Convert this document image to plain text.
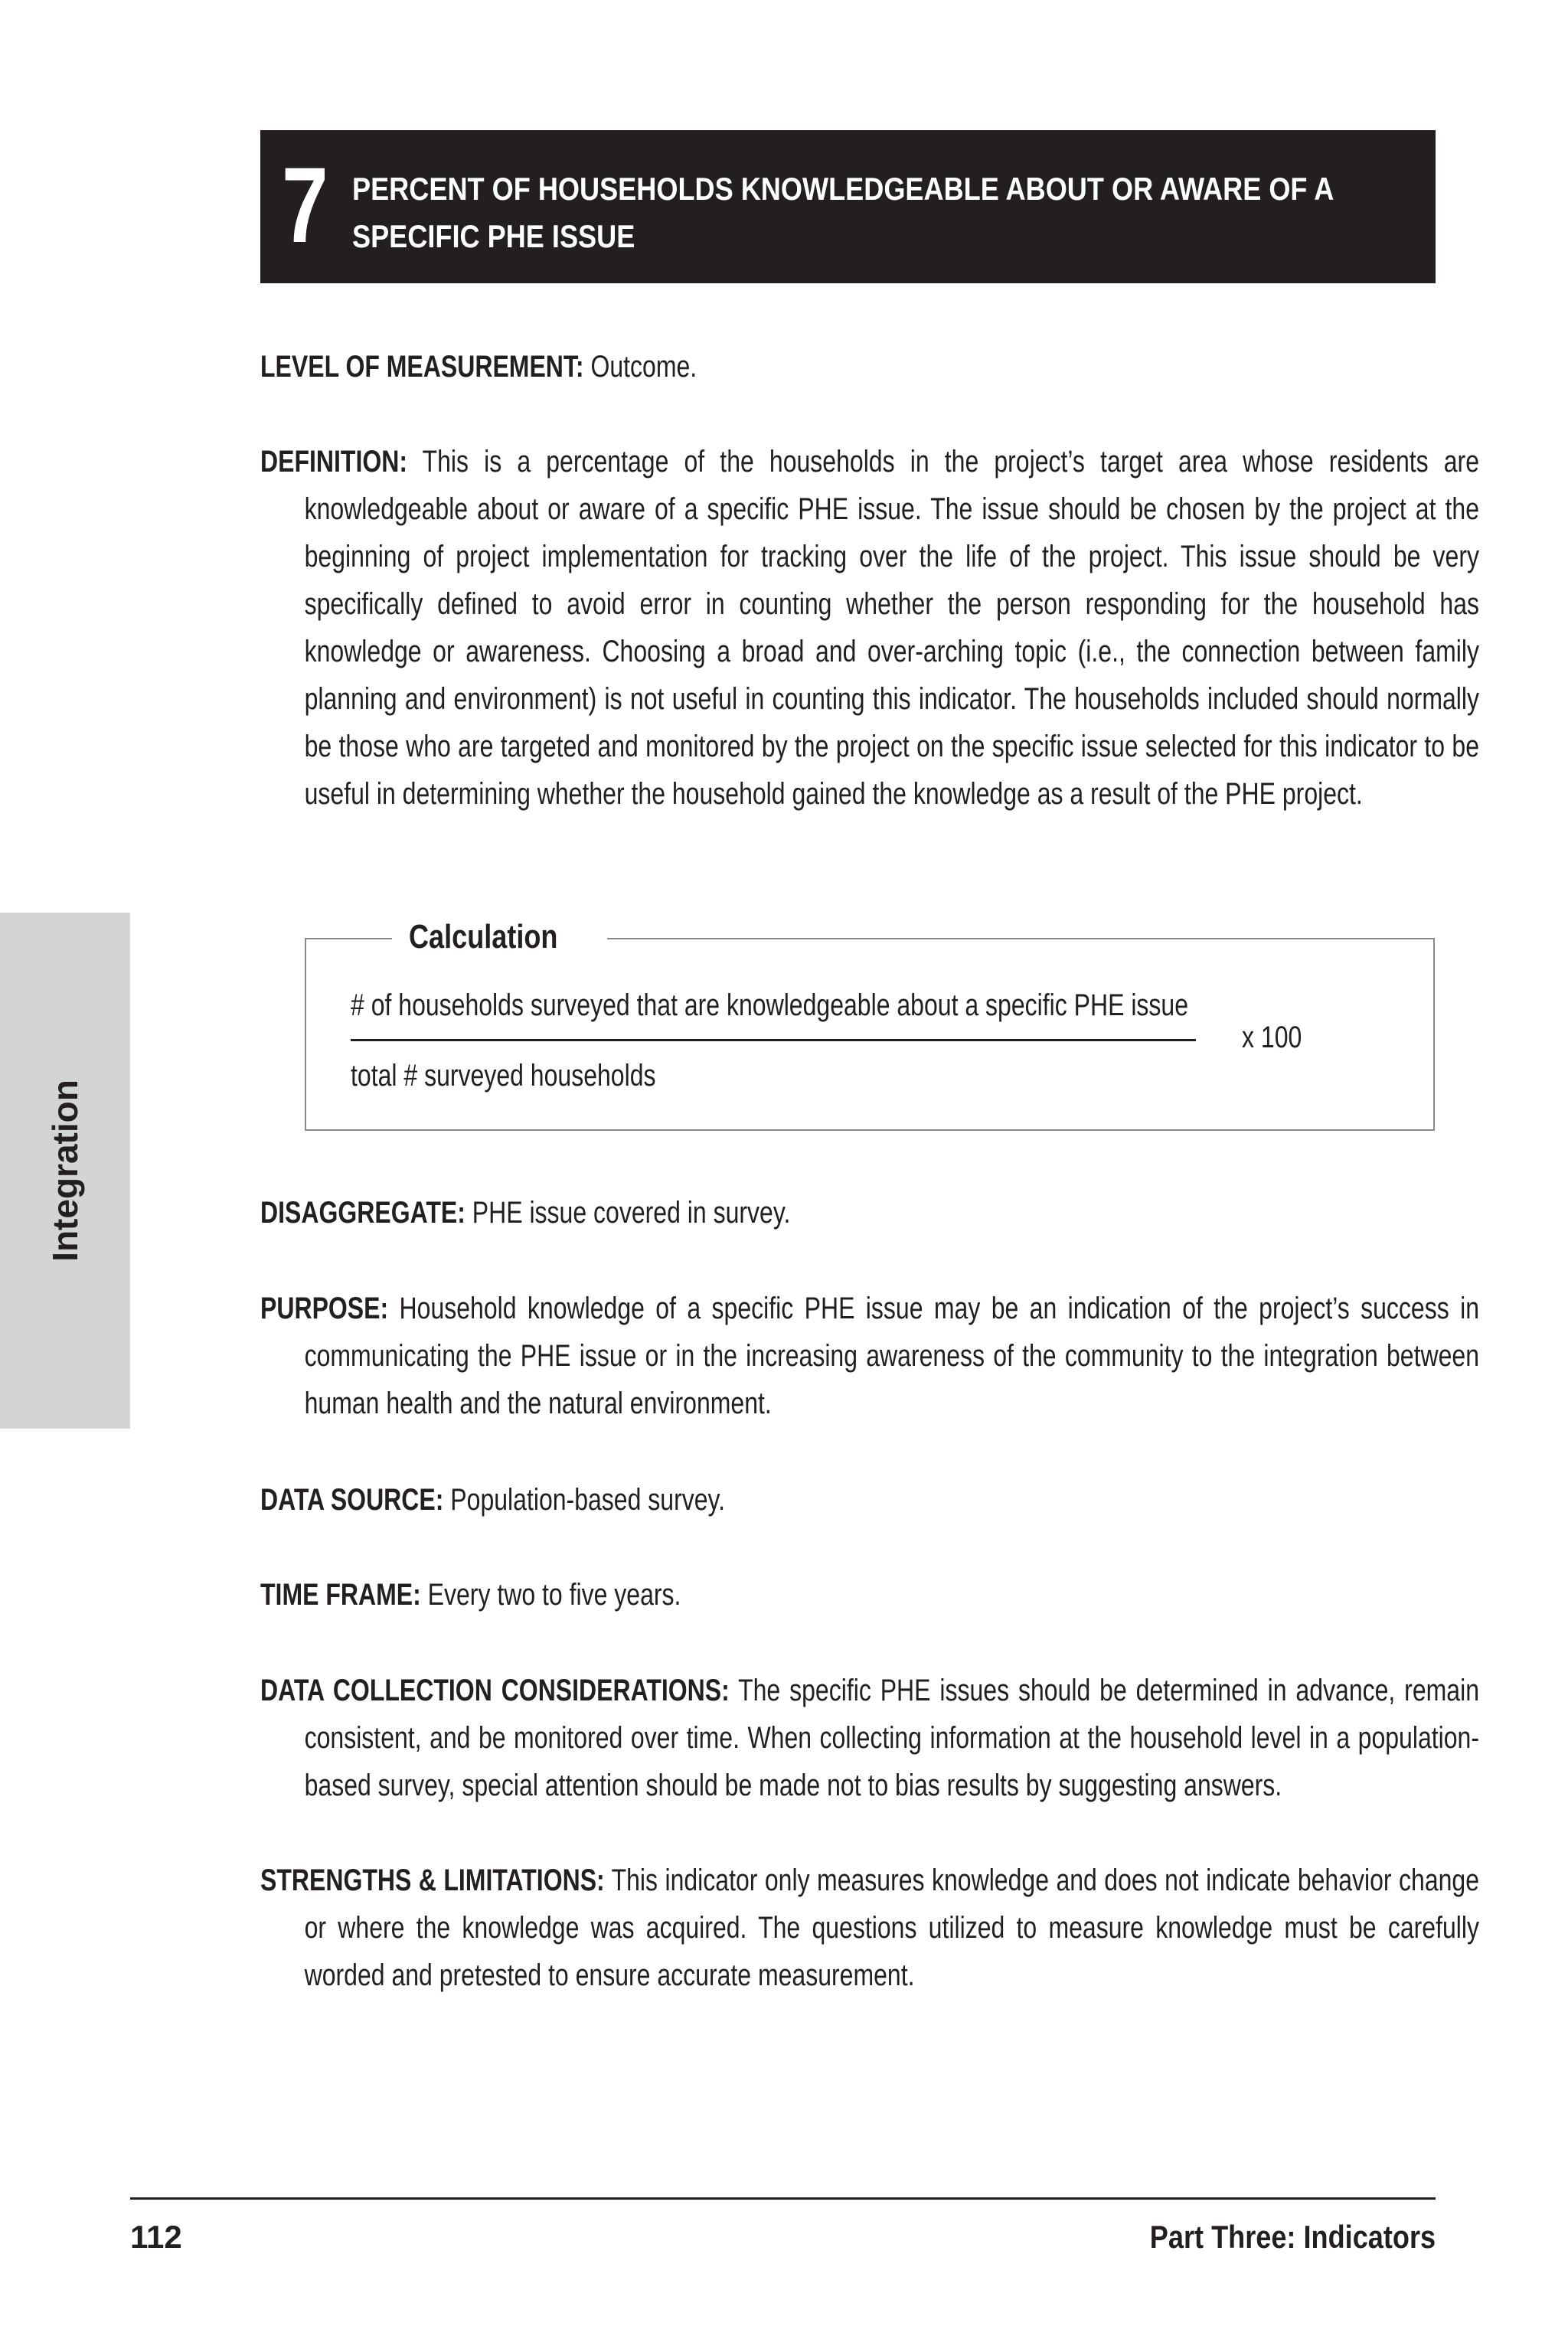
7 PERCENT OF HOUSEHOLDS KNOWLEDGEABLE ABOUT OR AWARE OF A
SPECIFIC PHE ISSUE
LEVEL OF MEASUREMENT: Outcome.
DEFINITION: This is a percentage of the households in the project’s target area whose residents are knowledgeable about or aware of a specific PHE issue. The issue should be chosen by the project at the beginning of project implementation for tracking over the life of the project. This issue should be very specifically defined to avoid error in counting whether the person responding for the household has knowledge or awareness. Choosing a broad and over-arching topic (i.e., the connection between family planning and environment) is not useful in counting this indicator. The households included should normally be those who are targeted and monitored by the project on the specific issue selected for this indicator to be useful in determining whether the household gained the knowledge as a result of the PHE project.
Calculation
# of households surveyed that are knowledgeable about a specific PHE issue
total # surveyed households
x 100
DISAGGREGATE: PHE issue covered in survey.
PURPOSE: Household knowledge of a specific PHE issue may be an indication of the project’s success in communicating the PHE issue or in the increasing awareness of the community to the integration between human health and the natural environment.
DATA SOURCE: Population-based survey.
TIME FRAME: Every two to five years.
DATA COLLECTION CONSIDERATIONS: The specific PHE issues should be determined in advance, remain consistent, and be monitored over time. When collecting information at the household level in a population-based survey, special attention should be made not to bias results by suggesting answers.
STRENGTHS & LIMITATIONS: This indicator only measures knowledge and does not indicate behavior change or where the knowledge was acquired. The questions utilized to measure knowledge must be carefully worded and pretested to ensure accurate measurement.
Integration
112	Part Three: Indicators
